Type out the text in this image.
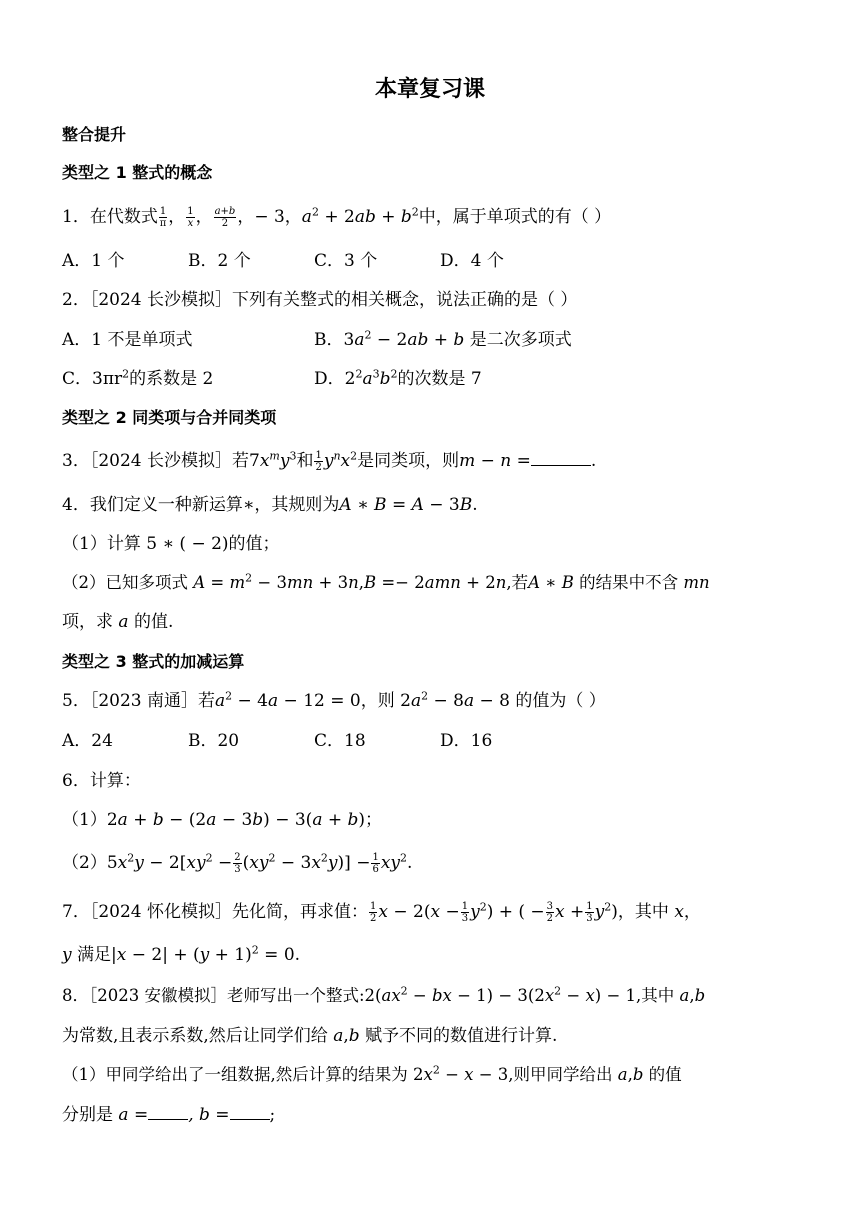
本章复习课
整合提升
类型之 1 整式的概念
1．在代数式 $\frac{1}{\pi}$ ， $\frac{1}{x}$ ， $\frac{a+b}{2}$ ，− 3，$a^2 + 2ab + b^2$中，属于单项式的有（ ）
A．1 个	B．2 个	C．3 个	D．4 个
2．［2024 长沙模拟］下列有关整式的相关概念，说法正确的是（ ）
A．1 不是单项式	B．$3a^2 - 2ab + b$ 是二次多项式
C．$3\pi r^2$的系数是 2	D．$2^2a^3b^2$的次数是 7
类型之 2 同类项与合并同类项
3．［2024 长沙模拟］若$7x^my^3$和 $\frac{1}{2} y^nx^2$是同类项，则m − n =	.
4．我们定义一种新运算∗，其规则为A ∗ B = A − 3B.
（1）计算 5 ∗ ( − 2)的值；
（2）已知多项式 $A = m^2 - 3mn + 3n,B =- 2amn + 2n$,若A ∗ B 的结果中不含 mn
项，求 a 的值.
类型之 3 整式的加减运算
5．［2023 南通］若$a^2 - 4a - 12 = 0$，则 $2a^2 - 8a - 8$ 的值为（ ）
A．24	B．20	C．18	D．16
6．计算：
（1）2a + b − (2a − 3b) − 3(a + b)；
$(2)5x^2y - 2[xy^2 - \frac{2}{3} (xy^2 - 3x^2y)] - \frac{1}{6} xy^2$.
7．［2024 怀化模拟］先化简，再求值： $\frac{1}{2}$ $x - 2(x - \frac{1}{3} y^2)$ + ( − $\frac{3}{2}$ $x + \frac{1}{3} y^2$)，其中 x，
y 满足$|x - 2| + (y + 1)^2 = 0$.
8．［2023 安徽模拟］老师写出一个整式$:2(ax^2$ − bx − $1) - 3(2x^2 - x) - 1$,其中 a,b
为常数,且表示系数,然后让同学们给 a,b 赋予不同的数值进行计算.
（1）甲同学给出了一组数据,然后计算的结果为 $2x^2 - x - 3$,则甲同学给出 a,b 的值
分别是 a = , b = ;
